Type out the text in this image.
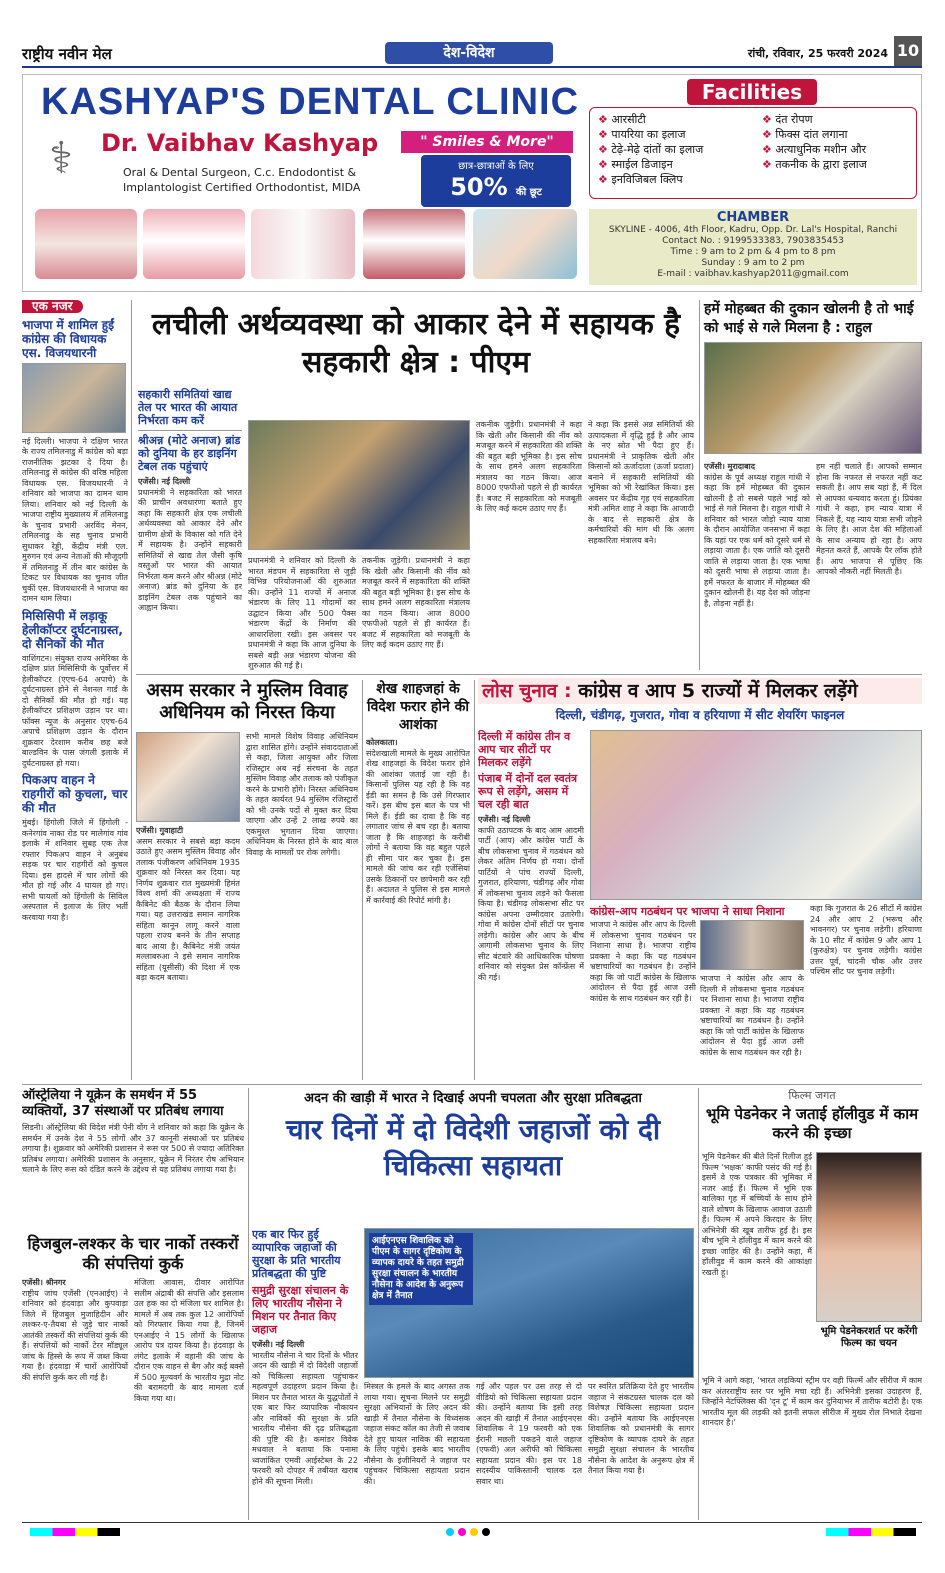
राष्ट्रीय नवीन मेल	देश-विदेश	रांची, रविवार, 25 फरवरी 2024 10
KASHYAP'S DENTAL CLINIC
⚕	Dr. Vaibhav Kashyap
Oral & Dental Surgeon, C.c. Endodontist &
Implantologist Certified Orthodontist, MIDA
" Smiles & More"
छात्र-छात्राओं के लिए
50% की छूट
Facilities
❖ आरसीटी
❖ पायरिया का इलाज
❖ टेढ़े-मेढ़े दांतों का इलाज
❖ स्माईल डिजाइन
❖ इनविजिबल क्लिप
❖ दंत रोपण
❖ फिक्स दांत लगाना
❖ अत्याधुनिक मशीन और
❖ तकनीक के द्वारा इलाज
CHAMBER
SKYLINE - 4006, 4th Floor, Kadru, Opp. Dr. Lal's Hospital, Ranchi
Contact No. : 9199533383, 7903835453
Time : 9 am to 2 pm & 4 pm to 8 pm
Sunday : 9 am to 2 pm
E-mail : vaibhav.kashyap2011@gmail.com
एक नजर
भाजपा में शामिल हुईं कांग्रेस की विधायक एस. विजयधारनी

नई दिल्ली। भाजपा ने दक्षिण भारत के राज्य तमिलनाडु में कांग्रेस को बड़ा राजनीतिक झटका दे दिया है। तमिलनाडु से कांग्रेस की वरिष्ठ महिला विधायक एस. विजयधारनी ने शनिवार को भाजपा का दामन थाम लिया। शनिवार को नई दिल्ली के भाजपा राष्ट्रीय मुख्यालय में तमिलनाडु के चुनाव प्रभारी अरविंद मेनन, तमिलनाडु के सह चुनाव प्रभारी सुधाकर रेड्डी, केंद्रीय मंत्री एल. मुरुगन एवं अन्य नेताओं की मौजूदगी में तमिलनाडु में तीन बार कांग्रेस के टिकट पर विधायक का चुनाव जीत चुकीं एस. विजयधारनी ने भाजपा का दामन थाम लिया।

मिसिसिपी में लड़ाकू हेलीकॉप्टर दुर्घटनाग्रस्त, दो सैनिकों की मौत

वाशिंगटन। संयुक्त राज्य अमेरिका के दक्षिण प्रांत मिसिसिपी के पूर्वोत्तर में हेलीकॉप्टर (एएच-64 अपाचे) के दुर्घटनाग्रस्त होने से नेशनल गार्ड के दो सैनिकों की मौत हो गई। यह हेलीकॉप्टर प्रशिक्षण उड़ान पर था। फॉक्स न्यूज के अनुसार एएच-64 अपाचे प्रशिक्षण उड़ान के दौरान शुक्रवार देरशाम करीब छह बजे बाल्डविन के पास जंगली इलाके में दुर्घटनाग्रस्त हो गया।

पिकअप वाहन ने राहगीरों को कुचला, चार की मौत

मुंबई। हिंगोली जिले में हिंगोली - कनेरगांव नाका रोड पर मालेगांव गांव इलाके में शनिवार सुबह एक तेज रफ्तार पिकअप वाहन ने अनुबंध सड़क पर चार राहगीरों को कुचल दिया। इस हादसे में चार लोगों की मौत हो गई और 4 घायल हो गए। सभी घायलों को हिंगोली के सिविल अस्पताल में इलाज के लिए भर्ती करवाया गया है।

लचीली अर्थव्यवस्था को आकार देने में सहायक है सहकारी क्षेत्र : पीएम
सहकारी समितियां खाद्य तेल पर भारत की आयात निर्भरता कम करें
श्रीअन्न (मोटे अनाज) ब्रांड को दुनिया के हर डाइनिंग टेबल तक पहुंचाएं
एजेंसी। नई दिल्ली
प्रधानमंत्री ने सहकारिता को भारत की प्राचीन अवधारणा बताते हुए कहा कि सहकारी क्षेत्र एक लचीली अर्थव्यवस्था को आकार देने और ग्रामीण क्षेत्रों के विकास को गति देने में सहायक है। उन्होंने सहकारी समितियों से खाद्य तेल जैसी कृषि वस्तुओं पर भारत की आयात निर्भरता कम करने और श्रीअन्न (मोटे अनाज) ब्रांड को दुनिया के हर डाइनिंग टेबल तक पहुंचाने का आह्वान किया।
प्रधानमंत्री ने शनिवार को दिल्ली के भारत मंडपम में सहकारिता से जुड़ी विभिन्न परियोजनाओं की शुरुआत की। उन्होंने 11 राज्यों में अनाज भंडारण के लिए 11 गोदामों का उद्घाटन किया और 500 पैक्स भंडारण केंद्रों के निर्माण की आधारशिला रखी। इस अवसर पर प्रधानमंत्री ने कहा कि आज दुनिया के सबसे बड़ी अन्न भंडारण योजना की शुरुआत की गई है।
तकनीक जुड़ेगी। प्रधानमंत्री ने कहा कि खेती और किसानी की नींव को मजबूत करने में सहकारिता की शक्ति की बहुत बड़ी भूमिका है। इस सोच के साथ हमने अलग सहकारिता मंत्रालय का गठन किया। आज 8000 एफपीओ पहले से ही कार्यरत हैं। बजट में सहकारिता को मजबूती के लिए कई कदम उठाए गए हैं।
तकनीक जुड़ेगी। प्रधानमंत्री ने कहा कि खेती और किसानी की नींव को मजबूत करने में सहकारिता की शक्ति की बहुत बड़ी भूमिका है। इस सोच के साथ हमने अलग सहकारिता मंत्रालय का गठन किया। आज 8000 एफपीओ पहले से ही कार्यरत हैं। बजट में सहकारिता को मजबूती के लिए कई कदम उठाए गए हैं।
ने कहा कि इससे अन्न समितियों की उत्पादकता में वृद्धि हुई है और आय के नए स्रोत भी पैदा हुए हैं। प्रधानमंत्री ने प्राकृतिक खेती और किसानों को ऊर्जादाता (ऊर्जा प्रदाता) बनाने में सहकारी समितियों की भूमिका को भी रेखांकित किया। इस अवसर पर केंद्रीय गृह एवं सहकारिता मंत्री अमित शाह ने कहा कि आजादी के बाद से सहकारी क्षेत्र के कर्मचारियों की मांग थी कि अलग सहकारिता मंत्रालय बने।
हमें मोहब्बत की दुकान खोलनी है तो भाई को भाई से गले मिलना है : राहुल
एजेंसी। मुरादाबाद
कांग्रेस के पूर्व अध्यक्ष राहुल गांधी ने कहा कि हमें मोहब्बत की दुकान खोलनी है तो सबसे पहले भाई को भाई से गले मिलना है। राहुल गांधी ने शनिवार को भारत जोड़ो न्याय यात्रा के दौरान आयोजित जनसभा में कहा कि यहां पर एक धर्म को दूसरे धर्म से लड़ाया जाता है। एक जाति को दूसरी जाति से लड़ाया जाता है। एक भाषा को दूसरी भाषा से लड़ाया जाता है। हमें नफरत के बाजार में मोहब्बत की दुकान खोलनी है। यह देश को जोड़ना है, तोड़ना नहीं है।
हम नहीं चलाते हैं। आपको सम्मान होना कि नफरत से नफरत नहीं कट सकती है। आप सब यहां हैं, मैं दिल से आपका धन्यवाद करता हूं। प्रियंका गांधी ने कहा, हम न्याय यात्रा में निकले हैं, यह न्याय यात्रा सभी जोड़ने के लिए है। आज देश की महिलाओं के साथ अन्याय हो रहा है। आप मेहनत करते हैं, आपके पैर लॉक होते हैं। आप भाजपा से पूछिए कि आपको नौकरी नहीं मिलती है।
असम सरकार ने मुस्लिम विवाह अधिनियम को निरस्त किया
एजेंसी। गुवाहाटी
असम सरकार ने सबसे बड़ा कदम उठाते हुए असम मुस्लिम विवाह और तलाक पंजीकरण अधिनियम 1935 शुक्रवार को निरस्त कर दिया। यह निर्णय शुक्रवार रात मुख्यमंत्री हिमंत विश्व शर्मा की अध्यक्षता में राज्य कैबिनेट की बैठक के दौरान लिया गया। यह उत्तराखंड समान नागरिक संहिता कानून लागू करने वाला पहला राज्य बनने के तीन सप्ताह बाद आया है। कैबिनेट मंत्री जयंत मल्लाबरुआ ने इसे समान नागरिक संहिता (यूसीसी) की दिशा में एक बड़ा कदम बताया।
सभी मामले विशेष विवाह अधिनियम द्वारा शासित होंगे। उन्होंने संवाददाताओं से कहा, जिला आयुक्त और जिला रजिस्ट्रार अब नई संरचना के तहत मुस्लिम विवाह और तलाक को पंजीकृत करने के प्रभारी होंगे। निरस्त अधिनियम के तहत कार्यरत 94 मुस्लिम रजिस्ट्रारों को भी उनके पदों से मुक्त कर दिया जाएगा और उन्हें 2 लाख रुपये का एकमुश्त भुगतान दिया जाएगा। अधिनियम के निरस्त होने के बाद बाल विवाह के मामलों पर रोक लगेगी।
शेख शाहजहां के विदेश फरार होने की आशंका
कोलकाता।
संदेशखाली मामले के मुख्य आरोपित शेख शाहजहां के विदेश फरार होने की आशंका जताई जा रही है। किसानों पुलिस यह रही है कि वह ईडी का समन है कि उसे गिरफ्तार करें। इस बीच इस बात के पत्र भी मिले हैं। ईडी का दावा है कि वह लगातार जांच से बच रहा है। बताया जाता है कि शाहजहां के करीबी लोगों ने बताया कि वह बहुत पहले ही सीमा पार कर चुका है। इस मामले की जांच कर रही एजेंसियां उसके ठिकानों पर छापेमारी कर रही हैं। अदालत ने पुलिस से इस मामले में कार्रवाई की रिपोर्ट मांगी है।
लोस चुनाव : कांग्रेस व आप 5 राज्यों में मिलकर लड़ेंगे
दिल्ली, चंडीगढ़, गुजरात, गोवा व हरियाणा में सीट शेयरिंग फाइनल
दिल्ली में कांग्रेस तीन व आप चार सीटों पर मिलकर लड़ेंगे
पंजाब में दोनों दल स्वतंत्र रूप से लड़ेंगे, असम में चल रही बात
एजेंसी। नई दिल्ली
काफी उठापटक के बाद आम आदमी पार्टी (आप) और कांग्रेस पार्टी के बीच लोकसभा चुनाव में गठबंधन को लेकर अंतिम निर्णय हो गया। दोनों पार्टियों ने पांच राज्यों दिल्ली, गुजरात, हरियाणा, चंडीगढ़ और गोवा में लोकसभा चुनाव लड़ने को फैसला किया है। चंडीगढ़ लोकसभा सीट पर कांग्रेस अपना उम्मीदवार उतारेगी। गोवा में कांग्रेस दोनों सीटों पर चुनाव लड़ेगी। कांग्रेस और आप के बीच आगामी लोकसभा चुनाव के लिए सीट बंटवारे की आधिकारिक घोषणा शनिवार को संयुक्त प्रेस कॉन्फ्रेंस में की गई।
कांग्रेस-आप गठबंधन पर भाजपा ने साधा निशाना
भाजपा ने कांग्रेस और आप के दिल्ली में लोकसभा चुनाव गठबंधन पर निशाना साधा है। भाजपा राष्ट्रीय प्रवक्ता ने कहा कि यह गठबंधन भ्रष्टाचारियों का गठबंधन है। उन्होंने कहा कि जो पार्टी कांग्रेस के खिलाफ आंदोलन से पैदा हुई आज उसी कांग्रेस के साथ गठबंधन कर रही है।
भाजपा ने कांग्रेस और आप के दिल्ली में लोकसभा चुनाव गठबंधन पर निशाना साधा है। भाजपा राष्ट्रीय प्रवक्ता ने कहा कि यह गठबंधन भ्रष्टाचारियों का गठबंधन है। उन्होंने कहा कि जो पार्टी कांग्रेस के खिलाफ आंदोलन से पैदा हुई आज उसी कांग्रेस के साथ गठबंधन कर रही है।
कहा कि गुजरात के 26 सीटों में कांग्रेस 24 और आप 2 (भरूच और भावनगर) पर चुनाव लड़ेगी। हरियाणा के 10 सीट में कांग्रेस 9 और आप 1 (कुरुक्षेत्र) पर चुनाव लड़ेगी। कांग्रेस उत्तर पूर्व, चांदनी चौक और उत्तर पश्चिम सीट पर चुनाव लड़ेगी।
ऑस्ट्रेलिया ने यूक्रेन के समर्थन में 55 व्यक्तियों, 37 संस्थाओं पर प्रतिबंध लगाया
सिडनी। ऑस्ट्रेलिया की विदेश मंत्री पेनी वोंग ने शनिवार को कहा कि यूक्रेन के समर्थन में उनके देश ने 55 लोगों और 37 कानूनी संस्थाओं पर प्रतिबंध लगाया है। शुक्रवार को अमेरिकी प्रशासन ने रूस पर 500 से ज्यादा अतिरिक्त प्रतिबंध लगाया। अमेरिकी प्रशासन के अनुसार, यूक्रेन में निरंतर रोष अभियान चलाने के लिए रूस को दंडित करने के उद्देश्य से यह प्रतिबंध लगाया गया है।
हिजबुल-लश्कर के चार नार्को तस्करों की संपत्तियां कुर्क
एजेंसी। श्रीनगर
राष्ट्रीय जांच एजेंसी (एनआईए) ने शनिवार को हंदवाड़ा और कुपवाड़ा जिले में हिजबुल मुजाहिदीन और लश्कर-ए-तैयबा से जुड़े चार नार्को आतंकी तस्करों की संपत्तियां कुर्क की हैं। संपत्तियों को नार्को टेरर मॉड्यूल जांच के हिस्से के रूप में जब्त किया गया है। हंदवाड़ा में चारों आरोपियों की संपत्ति कुर्क कर ली गई है।
मंजिला आवास, दीवार आरोपित सलीम अंद्राबी की संपत्ति और इसलाम उल हक का दो मंजिला घर शामिल है। मामले में अब तक कुल 12 आरोपियों को गिरफ्तार किया गया है, जिनमें एनआईए ने 15 लोगों के खिलाफ आरोप पत्र दायर किया है। हंदवाड़ा के लंगेट इलाके में वहानी की जांच के दौरान एक वाहन से बैग और कई बक्से में 500 मूल्यवर्ग के भारतीय मुद्रा नोट की बरामदगी के बाद मामला दर्ज किया गया था।
अदन की खाड़ी में भारत ने दिखाई अपनी चपलता और सुरक्षा प्रतिबद्धता
चार दिनों में दो विदेशी जहाजों को दी चिकित्सा सहायता
एक बार फिर हुई व्यापारिक जहाजों की सुरक्षा के प्रति भारतीय प्रतिबद्धता की पुष्टि
समुद्री सुरक्षा संचालन के लिए भारतीय नौसेना ने मिशन पर तैनात किए जहाज
एजेंसी। नई दिल्ली
भारतीय नौसेना ने चार दिनों के भीतर अदन की खाड़ी में दो विदेशी जहाजों को चिकित्सा सहायता पहुंचाकर महत्वपूर्ण उदाहरण प्रदान किया है। मिशन पर तैनात भारत के युद्धपोतों ने एक बार फिर व्यापारिक नौकायन और नाविकों की सुरक्षा के प्रति भारतीय नौसेना की दृढ़ प्रतिबद्धता की पुष्टि की है। कमांडर विवेक मधवाल ने बताया कि पनामा ध्वजांकित एमवी आईस्टेब्ल के 22 फरवरी को दोपहर में तबीयत खराब होने की सूचना मिली।
आईएनएस शिवालिक को पीएम के सागर दृष्टिकोण के व्यापक दायरे के तहत समुद्री सुरक्षा संचालन के भारतीय नौसेना के आदेश के अनुरूप क्षेत्र में तैनात
मिस्त्रल के हमले के बाद अगस्त तक लाया गया। सूचना मिलने पर समुद्री सुरक्षा अभियानों के लिए अदन की खाड़ी में तैनात नौसेना के विध्वंसक जहाज संकट कॉल का तेजी से जवाब देते हुए घायल नाविक की सहायता के लिए पहुंचे। इसके बाद भारतीय नौसेना के इंजीनियरों ने जहाज पर पहुंचकर चिकित्सा सहायता प्रदान की।
गई और पहल पर उस तरह से दो वीडियो को चिकित्सा सहायता प्रदान की। उन्होंने बताया कि इसी तरह अदन की खाड़ी में तैनात आईएनएस शिवालिक ने 19 फरवरी को एक ईरानी मछली पकड़ने वाले जहाज (एफवी) अल अरीफी को चिकित्सा सहायता प्रदान की। इस पर 18 सदस्यीय पाकिस्तानी चालक दल सवार था।
पर स्वरित प्रतिक्रिया देते हुए भारतीय जहाज ने संकटग्रस्त चालक दल को विशेषज्ञ चिकित्सा सहायता प्रदान की। उन्होंने बताया कि आईएनएस शिवालिक को प्रधानमंत्री के सागर दृष्टिकोण के व्यापक दायरे के तहत समुद्री सुरक्षा संचालन के भारतीय नौसेना के आदेश के अनुरूप क्षेत्र में तैनात किया गया है।
फिल्म जगत
भूमि पेडनेकर ने जताई हॉलीवुड में काम करने की इच्छा
भूमि पेडनेकर की बीते दिनों रिलीज हुई फिल्म 'भक्षक' काफी पसंद की गई है। इसमें वे एक पत्रकार की भूमिका में नजर आई हैं। फिल्म में भूमि एक बालिका गृह में बच्चियों के साथ होने वाले शोषण के खिलाफ आवाज उठाती हैं। फिल्म में अपने किरदार के लिए अभिनेत्री की खूब तारीफ हुई है। इस बीच भूमि ने हॉलीवुड में काम करने की इच्छा जाहिर की है। उन्होंने कहा, मैं हॉलीवुड में काम करने की आकांक्षा रखती हूं।
भूमि पेडनेकरशर्त पर करेंगी फिल्म का चयन
भूमि ने आगे कहा, 'भारत लड़कियां स्ट्रीम पर वही फिल्में और सीरीज में काम कर अंतरराष्ट्रीय स्तर पर भूमि मचा रही हैं। अभिनेत्री इसका उदाहरण हैं, जिन्होंने नेटफ्लिक्स की 'द्न टू' में काम कर दुनियाभर में तारीफ बटोरी है। एक भारतीय मूल की लड़की को इतनी सफल सीरीज में मुख्य रोल निभाते देखना शानदार है।'
